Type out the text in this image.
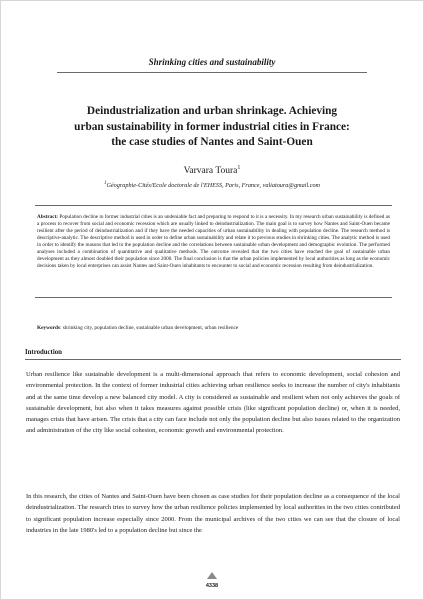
Shrinking cities and sustainability
Deindustrialization and urban shrinkage. Achieving
urban sustainability in former industrial cities in France:
the case studies of Nantes and Saint-Ouen
Varvara Toura$^1$
$^1$Géographie-Cités/Ecole doctorale de l'EHESS, Paris, France, valiatoura@gmail.com

Abstract: Population decline in former industrial cities is an undeniable fact and preparing to respond to it is a necessity. In my research urban sustainability is defined as a process to recover from social and economic recession which are usually linked to deindustrialization. The main goal is to survey how Nantes and Saint-Ouen became resilient after the period of deindustrialization and if they have the needed capacities of urban sustainability in dealing with population decline. The research method is descriptive-analytic. The descriptive method is used in order to define urban sustainability and relate it to previous studies in shrinking cities. The analytic method is used in order to identify the reasons that led to the population decline and the correlations between sustainable urban development and demographic evolution. The performed analyses included a combination of quantitative and qualitative methods. The outcome revealed that the two cities have reached the goal of sustainable urban development as they almost doubled their population since 2000. The final conclusion is that the urban policies implemented by local authorities as long as the economic decisions taken by local enterprises can assist Nantes and Saint-Ouen inhabitants to encounter to social and economic recession resulting from deindustrialization.

Keywords: shrinking city, population decline, sustainable urban development, urban resilience
Introduction

Urban resilience like sustainable development is a multi-dimensional approach that refers to economic development, social cohesion and environmental protection. In the context of former industrial cities achieving urban resilience seeks to increase the number of city's inhabitants and at the same time develop a new balanced city model. A city is considered as sustainable and resilient when not only achieves the goals of sustainable development, but also when it takes measures against possible crisis (like significant population decline) or, when it is needed, manages crisis that have arisen. The crisis that a city can face include not only the population decline but also issues related to the organization and administration of the city like social cohesion, economic growth and environmental protection.

In this research, the cities of Nantes and Saint-Ouen have been chosen as case studies for their population decline as a consequence of the local deindustrialization. The research tries to survey how the urban resilience policies implemented by local authorities in the two cities contributed to significant population increase especially since 2000. From the municipal archives of the two cities we can see that the closure of local industries in the late 1980's led to a population decline but since the

4338
